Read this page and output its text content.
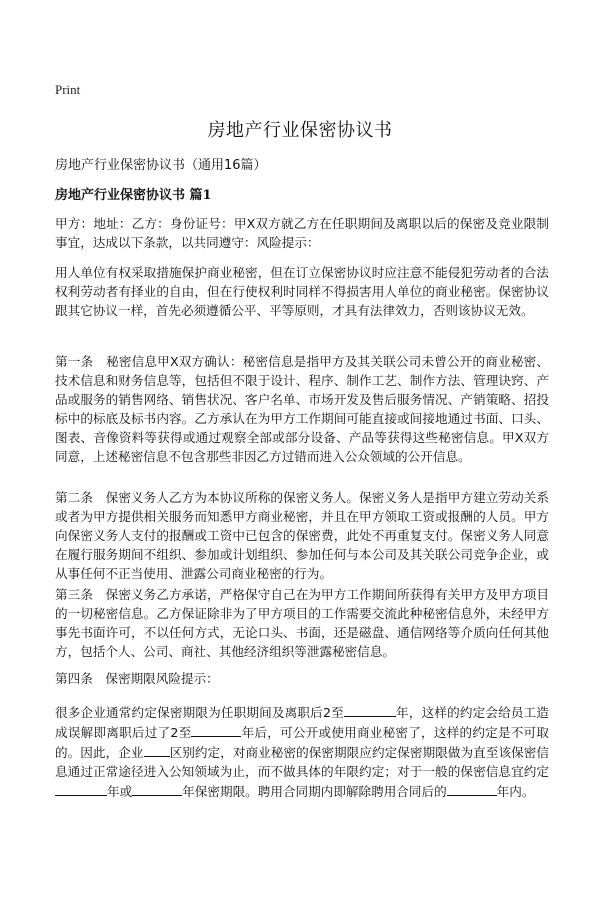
Print
房地产行业保密协议书

房地产行业保密协议书（通用16篇）

房地产行业保密协议书 篇1

甲方：地址：乙方：身份证号：甲X双方就乙方在任职期间及离职以后的保密及竞业限制事宜，达成以下条款，以共同遵守：风险提示：

用人单位有权采取措施保护商业秘密，但在订立保密协议时应注意不能侵犯劳动者的合法权利劳动者有择业的自由，但在行使权利时同样不得损害用人单位的商业秘密。保密协议跟其它协议一样，首先必须遵循公平、平等原则，才具有法律效力，否则该协议无效。

第一条　秘密信息甲X双方确认：秘密信息是指甲方及其关联公司未曾公开的商业秘密、技术信息和财务信息等，包括但不限于设计、程序、制作工艺、制作方法、管理诀窍、产品或服务的销售网络、销售状况、客户名单、市场开发及售后服务情况、产销策略、招投标中的标底及标书内容。乙方承认在为甲方工作期间可能直接或间接地通过书面、口头、图表、音像资料等获得或通过观察全部或部分设备、产品等获得这些秘密信息。甲X双方同意，上述秘密信息不包含那些非因乙方过错而进入公众领域的公开信息。

第二条　保密义务人乙方为本协议所称的保密义务人。保密义务人是指甲方建立劳动关系或者为甲方提供相关服务而知悉甲方商业秘密，并且在甲方领取工资或报酬的人员。甲方向保密义务人支付的报酬或工资中已包含的保密费，此处不再重复支付。保密义务人同意在履行服务期间不组织、参加或计划组织、参加任何与本公司及其关联公司竞争企业，或从事任何不正当使用、泄露公司商业秘密的行为。

第三条　保密义务乙方承诺，严格保守自己在为甲方工作期间所获得有关甲方及甲方项目的一切秘密信息。乙方保证除非为了甲方项目的工作需要交流此种秘密信息外，未经甲方事先书面许可，不以任何方式，无论口头、书面，还是磁盘、通信网络等介质向任何其他方，包括个人、公司、商社、其他经济组织等泄露秘密信息。

第四条　保密期限风险提示：

很多企业通常约定保密期限为任职期间及离职后2至	年，这样的约定会给员工造成误解即离职后过了2至	年后，可公开或使用商业秘密了，这样的约定是不可取的。因此，企业 区别约定，对商业秘密的保密期限应约定保密期限做为直至该保密信息通过正常途径进入公知领域为止，而不做具体的年限约定；对于一般的保密信息宜约定年或	年保密期限。聘用合同期内即解除聘用合同后的	年内。
